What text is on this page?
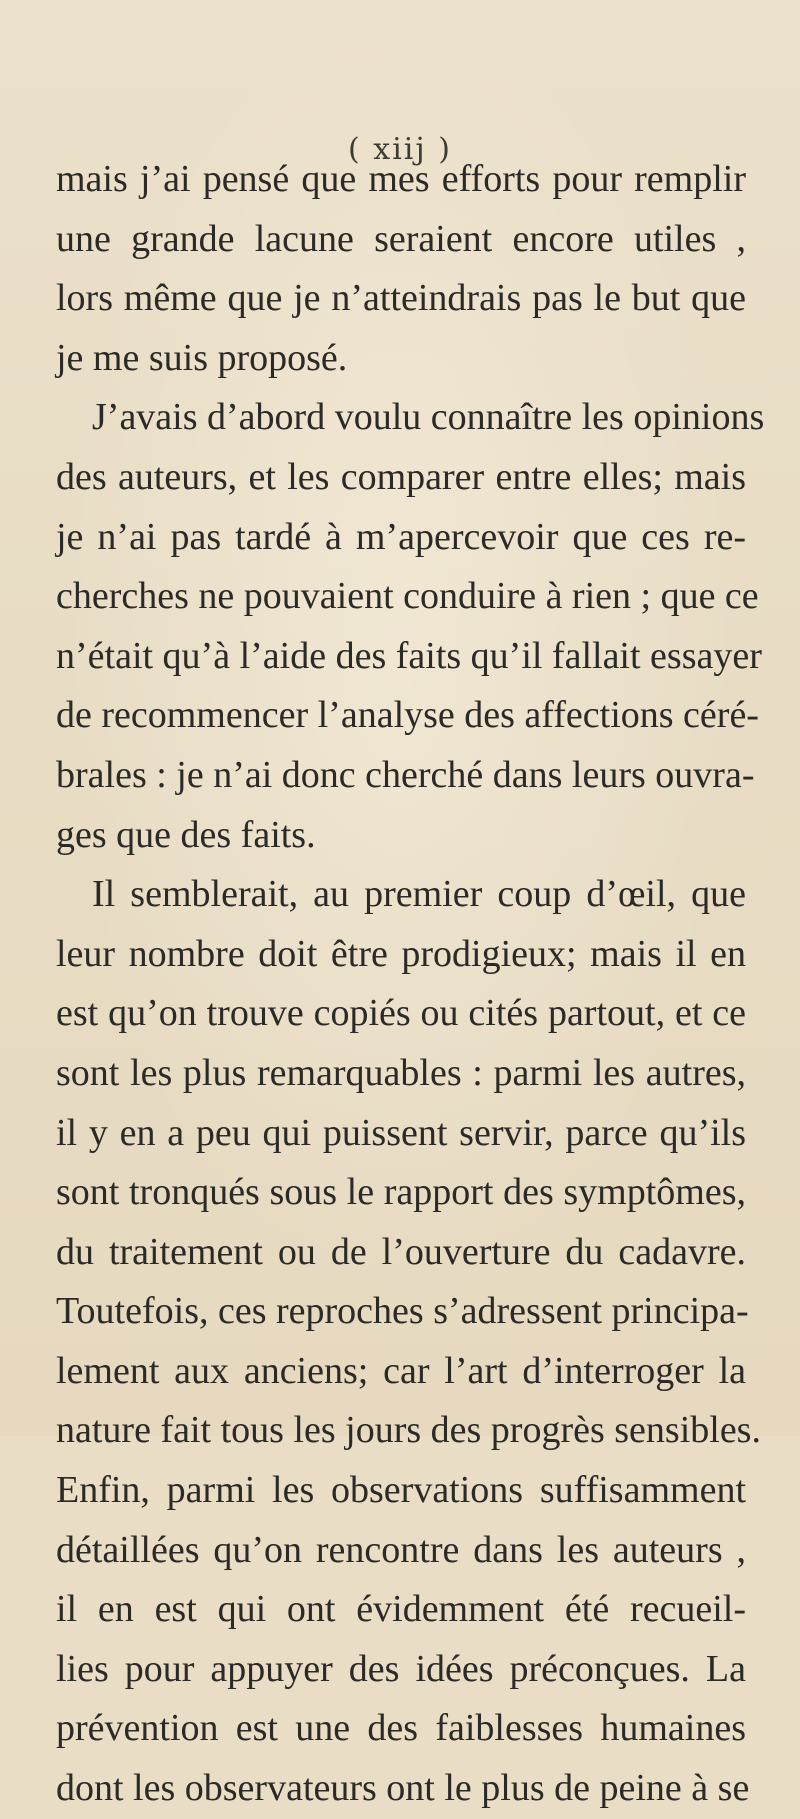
( xiij )
mais j’ai pensé que mes efforts pour remplir
une grande lacune seraient encore utiles ,
lors même que je n’atteindrais pas le but que
je me suis proposé.
J’avais d’abord voulu connaître les opinions
des auteurs, et les comparer entre elles; mais
je n’ai pas tardé à m’apercevoir que ces re-
cherches ne pouvaient conduire à rien ; que ce
n’était qu’à l’aide des faits qu’il fallait essayer
de recommencer l’analyse des affections céré-
brales : je n’ai donc cherché dans leurs ouvra-
ges que des faits.
Il semblerait, au premier coup d’œil, que
leur nombre doit être prodigieux; mais il en
est qu’on trouve copiés ou cités partout, et ce
sont les plus remarquables : parmi les autres,
il y en a peu qui puissent servir, parce qu’ils
sont tronqués sous le rapport des symptômes,
du traitement ou de l’ouverture du cadavre.
Toutefois, ces reproches s’adressent principa-
lement aux anciens; car l’art d’interroger la
nature fait tous les jours des progrès sensibles.
Enfin, parmi les observations suffisamment
détaillées qu’on rencontre dans les auteurs ,
il en est qui ont évidemment été recueil-
lies pour appuyer des idées préconçues. La
prévention est une des faiblesses humaines
dont les observateurs ont le plus de peine à se
